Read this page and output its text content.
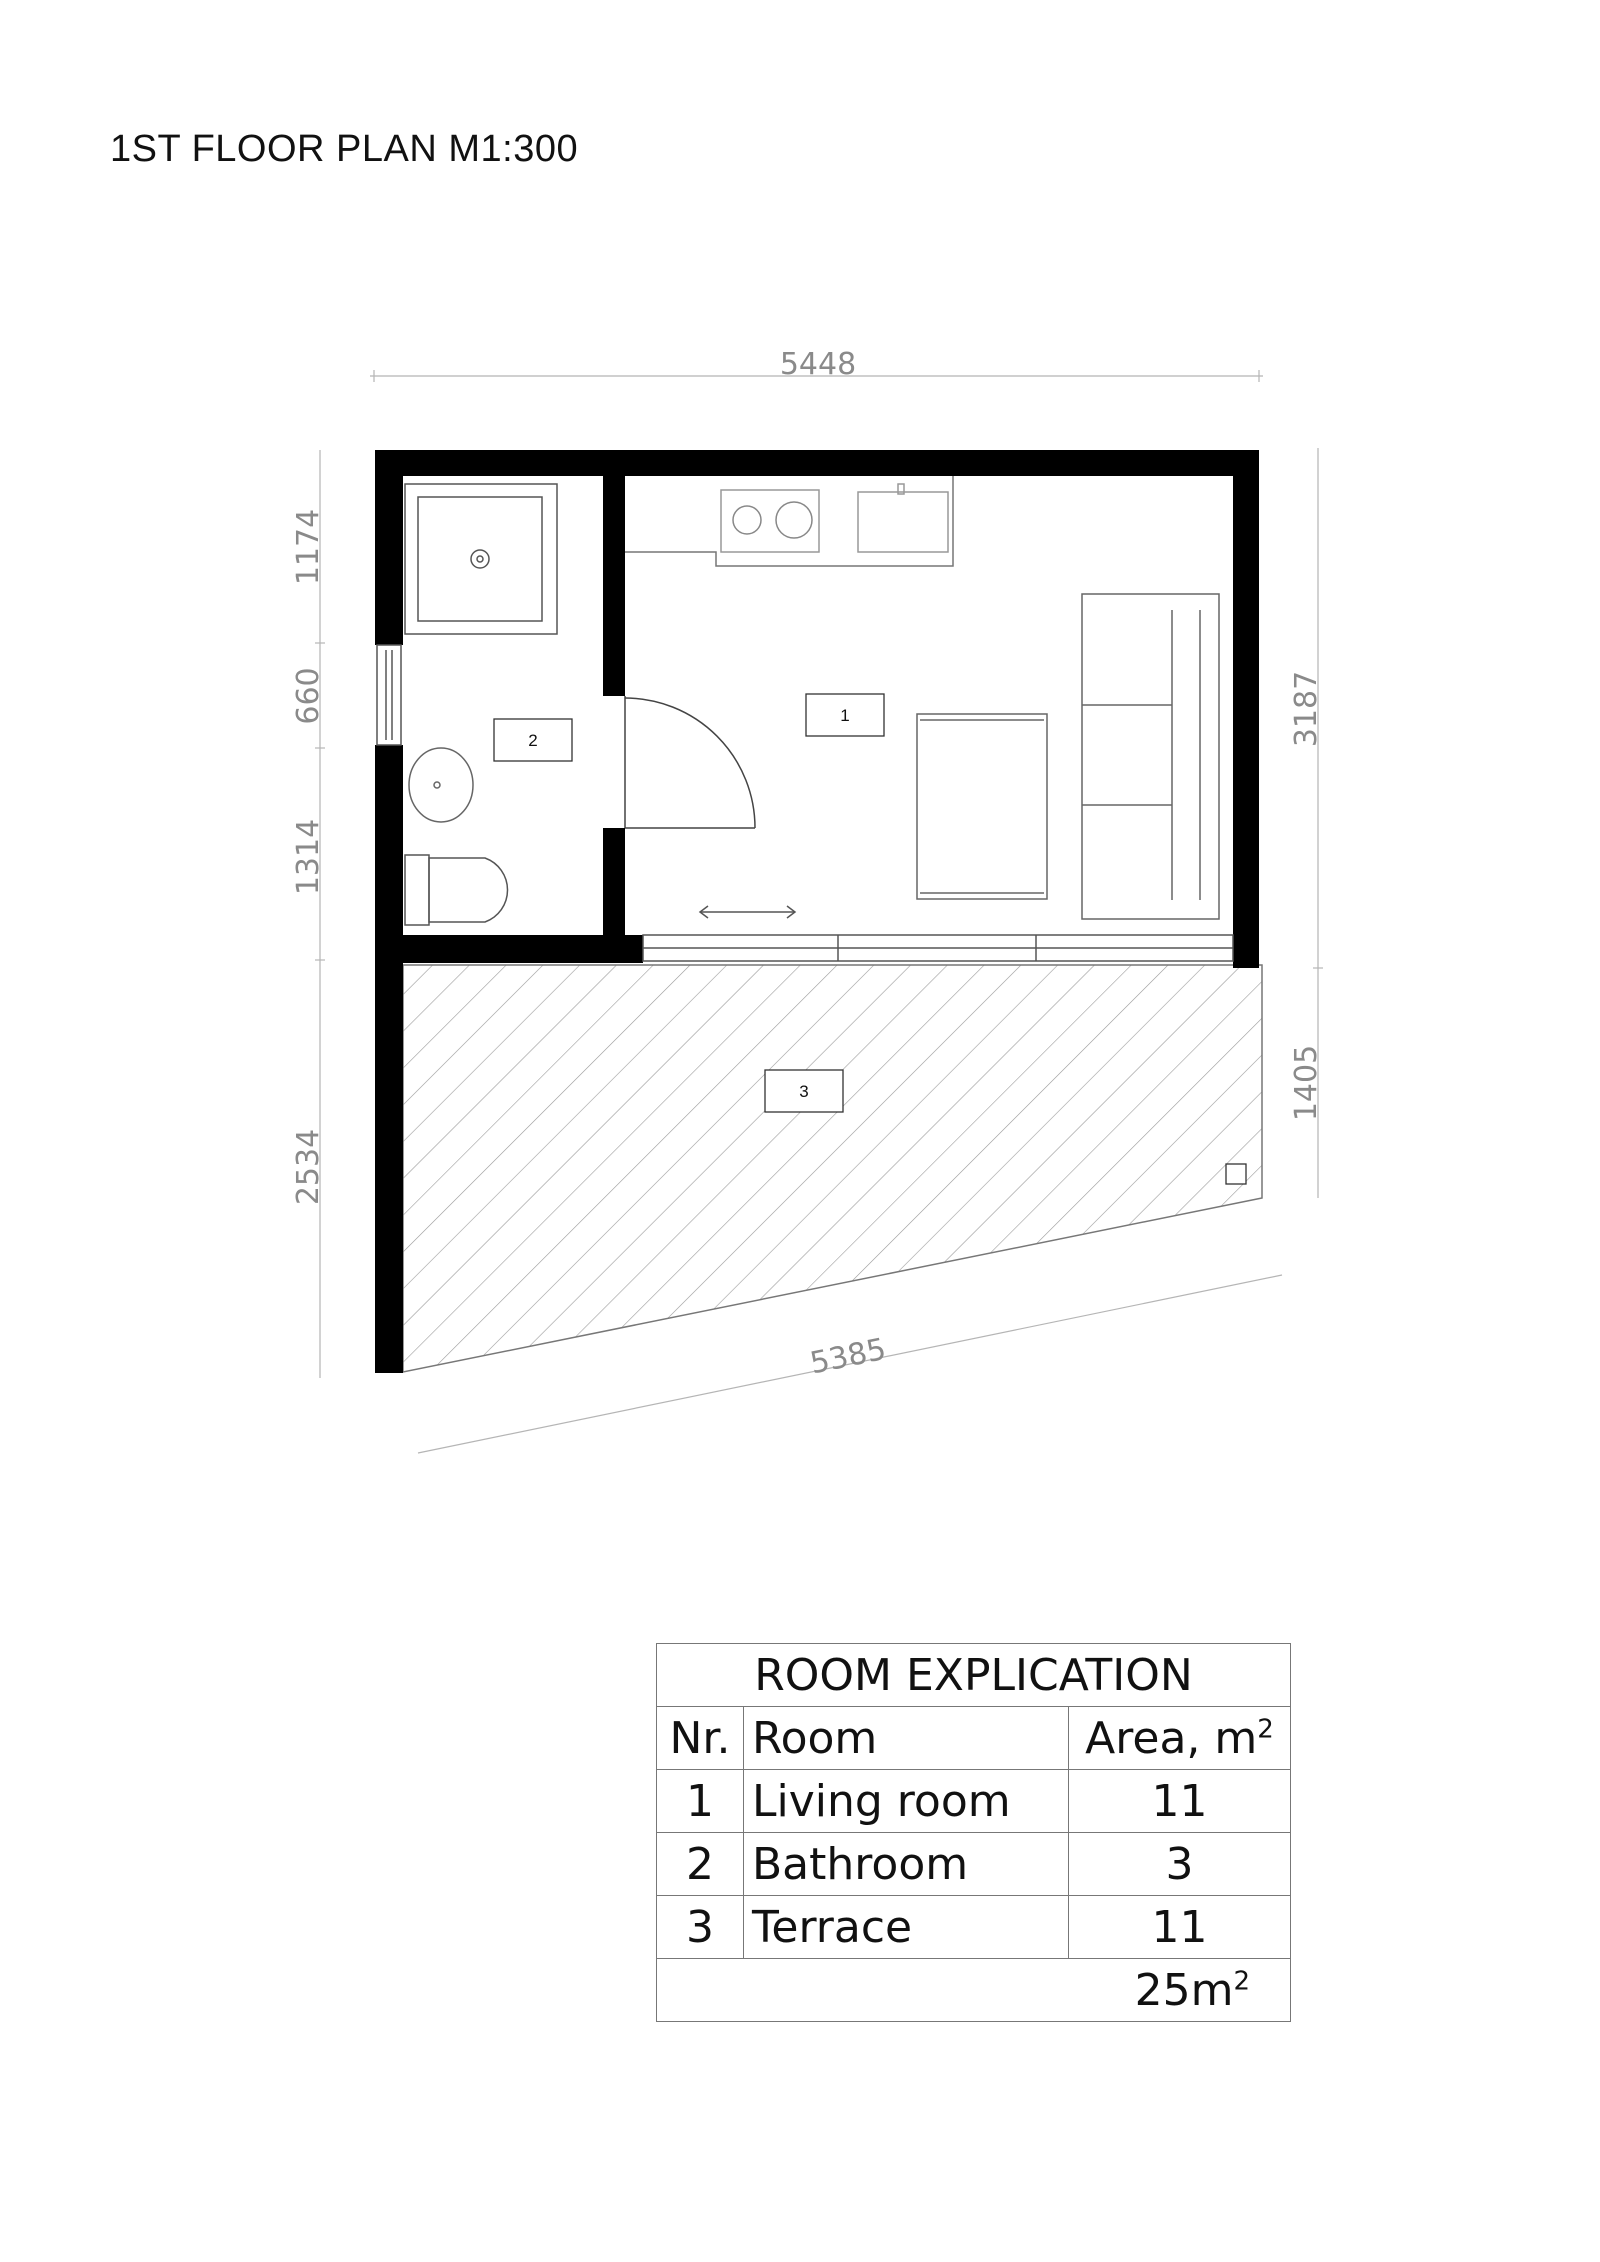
1ST FLOOR PLAN M1:300
1
2
3
5448
5385
1174
660
1314
2534
3187
1405
ROOM EXPLICATION		
Nr.	Room	Area, $m^2$
1	Living room	11
2	Bathroom	3
3	Terrace	11
$25m^2$
